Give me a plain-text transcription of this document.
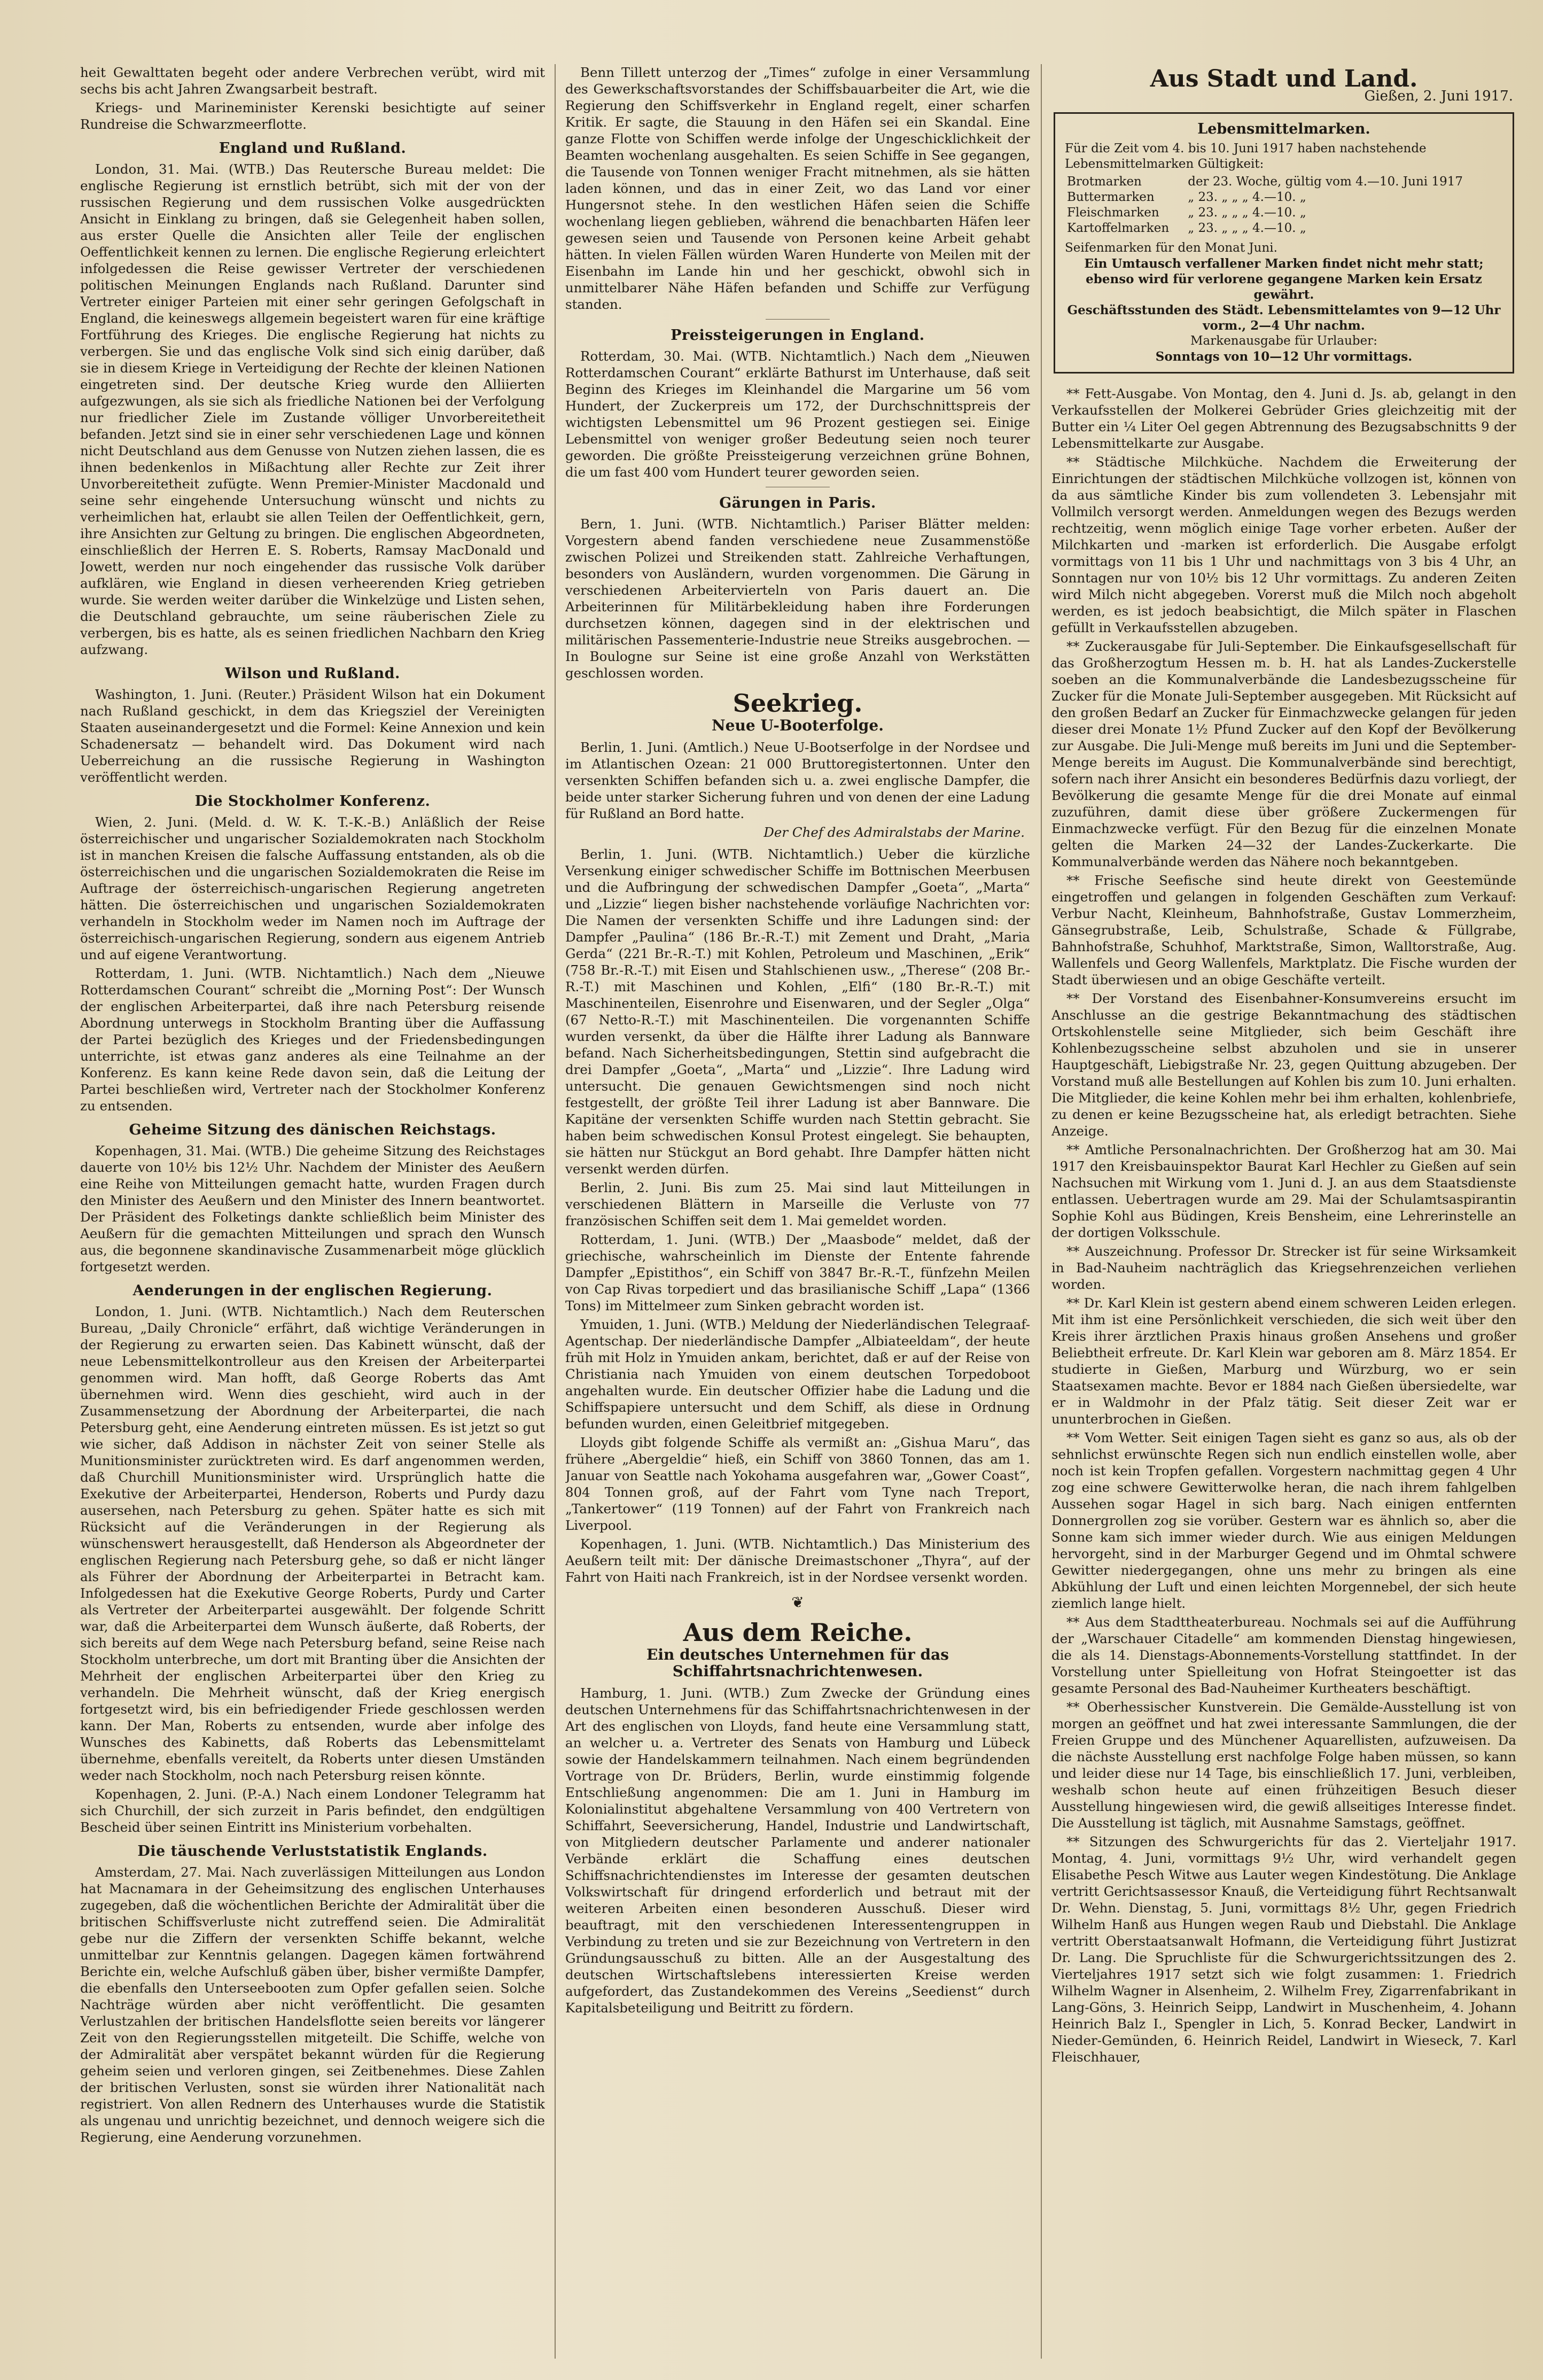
heit Gewalttaten begeht oder andere Verbrechen verübt, wird mit sechs bis acht Jahren Zwangsarbeit bestraft.

Kriegs- und Marineminister Kerenski besichtigte auf seiner Rundreise die Schwarzmeerflotte.

England und Rußland.

London, 31. Mai. (WTB.) Das Reutersche Bureau meldet: Die englische Regierung ist ernstlich betrübt, sich mit der von der russischen Regierung und dem russischen Volke ausgedrückten Ansicht in Einklang zu bringen, daß sie Gelegenheit haben sollen, aus erster Quelle die Ansichten aller Teile der englischen Oeffentlichkeit kennen zu lernen. Die englische Regierung erleichtert infolgedessen die Reise gewisser Vertreter der verschiedenen politischen Meinungen Englands nach Rußland. Darunter sind Vertreter einiger Parteien mit einer sehr geringen Gefolgschaft in England, die keineswegs allgemein begeistert waren für eine kräftige Fortführung des Krieges. Die englische Regierung hat nichts zu verbergen. Sie und das englische Volk sind sich einig darüber, daß sie in diesem Kriege in Verteidigung der Rechte der kleinen Nationen eingetreten sind. Der deutsche Krieg wurde den Alliierten aufgezwungen, als sie sich als friedliche Nationen bei der Verfolgung nur friedlicher Ziele im Zustande völliger Unvorbereitetheit befanden. Jetzt sind sie in einer sehr verschiedenen Lage und können nicht Deutschland aus dem Genusse von Nutzen ziehen lassen, die es ihnen bedenkenlos in Mißachtung aller Rechte zur Zeit ihrer Unvorbereitetheit zufügte. Wenn Premier-Minister Macdonald und seine sehr eingehende Untersuchung wünscht und nichts zu verheimlichen hat, erlaubt sie allen Teilen der Oeffentlichkeit, gern, ihre Ansichten zur Geltung zu bringen. Die englischen Abgeordneten, einschließlich der Herren E. S. Roberts, Ramsay MacDonald und Jowett, werden nur noch eingehender das russische Volk darüber aufklären, wie England in diesen verheerenden Krieg getrieben wurde. Sie werden weiter darüber die Winkelzüge und Listen sehen, die Deutschland gebrauchte, um seine räuberischen Ziele zu verbergen, bis es hatte, als es seinen friedlichen Nachbarn den Krieg aufzwang.

Wilson und Rußland.

Washington, 1. Juni. (Reuter.) Präsident Wilson hat ein Dokument nach Rußland geschickt, in dem das Kriegsziel der Vereinigten Staaten auseinandergesetzt und die Formel: Keine Annexion und kein Schadenersatz — behandelt wird. Das Dokument wird nach Ueberreichung an die russische Regierung in Washington veröffentlicht werden.

Die Stockholmer Konferenz.

Wien, 2. Juni. (Meld. d. W. K. T.-K.-B.) Anläßlich der Reise österreichischer und ungarischer Sozialdemokraten nach Stockholm ist in manchen Kreisen die falsche Auffassung entstanden, als ob die österreichischen und die ungarischen Sozialdemokraten die Reise im Auftrage der österreichisch-ungarischen Regierung angetreten hätten. Die österreichischen und ungarischen Sozialdemokraten verhandeln in Stockholm weder im Namen noch im Auftrage der österreichisch-ungarischen Regierung, sondern aus eigenem Antrieb und auf eigene Verantwortung.

Rotterdam, 1. Juni. (WTB. Nichtamtlich.) Nach dem „Nieuwe Rotterdamschen Courant“ schreibt die „Morning Post“: Der Wunsch der englischen Arbeiterpartei, daß ihre nach Petersburg reisende Abordnung unterwegs in Stockholm Branting über die Auffassung der Partei bezüglich des Krieges und der Friedensbedingungen unterrichte, ist etwas ganz anderes als eine Teilnahme an der Konferenz. Es kann keine Rede davon sein, daß die Leitung der Partei beschließen wird, Vertreter nach der Stockholmer Konferenz zu entsenden.

Geheime Sitzung des dänischen Reichstags.

Kopenhagen, 31. Mai. (WTB.) Die geheime Sitzung des Reichstages dauerte von 10½ bis 12½ Uhr. Nachdem der Minister des Aeußern eine Reihe von Mitteilungen gemacht hatte, wurden Fragen durch den Minister des Aeußern und den Minister des Innern beantwortet. Der Präsident des Folketings dankte schließlich beim Minister des Aeußern für die gemachten Mitteilungen und sprach den Wunsch aus, die begonnene skandinavische Zusammenarbeit möge glücklich fortgesetzt werden.

Aenderungen in der englischen Regierung.

London, 1. Juni. (WTB. Nichtamtlich.) Nach dem Reuterschen Bureau, „Daily Chronicle“ erfährt, daß wichtige Veränderungen in der Regierung zu erwarten seien. Das Kabinett wünscht, daß der neue Lebensmittelkontrolleur aus den Kreisen der Arbeiterpartei genommen wird. Man hofft, daß George Roberts das Amt übernehmen wird. Wenn dies geschieht, wird auch in der Zusammensetzung der Abordnung der Arbeiterpartei, die nach Petersburg geht, eine Aenderung eintreten müssen. Es ist jetzt so gut wie sicher, daß Addison in nächster Zeit von seiner Stelle als Munitionsminister zurücktreten wird. Es darf angenommen werden, daß Churchill Munitionsminister wird. Ursprünglich hatte die Exekutive der Arbeiterpartei, Henderson, Roberts und Purdy dazu ausersehen, nach Petersburg zu gehen. Später hatte es sich mit Rücksicht auf die Veränderungen in der Regierung als wünschenswert herausgestellt, daß Henderson als Abgeordneter der englischen Regierung nach Petersburg gehe, so daß er nicht länger als Führer der Abordnung der Arbeiterpartei in Betracht kam. Infolgedessen hat die Exekutive George Roberts, Purdy und Carter als Vertreter der Arbeiterpartei ausgewählt. Der folgende Schritt war, daß die Arbeiterpartei dem Wunsch äußerte, daß Roberts, der sich bereits auf dem Wege nach Petersburg befand, seine Reise nach Stockholm unterbreche, um dort mit Branting über die Ansichten der Mehrheit der englischen Arbeiterpartei über den Krieg zu verhandeln. Die Mehrheit wünscht, daß der Krieg energisch fortgesetzt wird, bis ein befriedigender Friede geschlossen werden kann. Der Man, Roberts zu entsenden, wurde aber infolge des Wunsches des Kabinetts, daß Roberts das Lebensmittelamt übernehme, ebenfalls vereitelt, da Roberts unter diesen Umständen weder nach Stockholm, noch nach Petersburg reisen könnte.

Kopenhagen, 2. Juni. (P.-A.) Nach einem Londoner Telegramm hat sich Churchill, der sich zurzeit in Paris befindet, den endgültigen Bescheid über seinen Eintritt ins Ministerium vorbehalten.

Die täuschende Verluststatistik Englands.

Amsterdam, 27. Mai. Nach zuverlässigen Mitteilungen aus London hat Macnamara in der Geheimsitzung des englischen Unterhauses zugegeben, daß die wöchentlichen Berichte der Admiralität über die britischen Schiffsverluste nicht zutreffend seien. Die Admiralität gebe nur die Ziffern der versenkten Schiffe bekannt, welche unmittelbar zur Kenntnis gelangen. Dagegen kämen fortwährend Berichte ein, welche Aufschluß gäben über, bisher vermißte Dampfer, die ebenfalls den Unterseebooten zum Opfer gefallen seien. Solche Nachträge würden aber nicht veröffentlicht. Die gesamten Verlustzahlen der britischen Handelsflotte seien bereits vor längerer Zeit von den Regierungsstellen mitgeteilt. Die Schiffe, welche von der Admiralität aber verspätet bekannt würden für die Regierung geheim seien und verloren gingen, sei Zeitbenehmes. Diese Zahlen der britischen Verlusten, sonst sie würden ihrer Nationalität nach registriert. Von allen Rednern des Unterhauses wurde die Statistik als ungenau und unrichtig bezeichnet, und dennoch weigere sich die Regierung, eine Aenderung vorzunehmen.

Benn Tillett unterzog der „Times“ zufolge in einer Versammlung des Gewerkschaftsvorstandes der Schiffsbauarbeiter die Art, wie die Regierung den Schiffsverkehr in England regelt, einer scharfen Kritik. Er sagte, die Stauung in den Häfen sei ein Skandal. Eine ganze Flotte von Schiffen werde infolge der Ungeschicklichkeit der Beamten wochenlang ausgehalten. Es seien Schiffe in See gegangen, die Tausende von Tonnen weniger Fracht mitnehmen, als sie hätten laden können, und das in einer Zeit, wo das Land vor einer Hungersnot stehe. In den westlichen Häfen seien die Schiffe wochenlang liegen geblieben, während die benachbarten Häfen leer gewesen seien und Tausende von Personen keine Arbeit gehabt hätten. In vielen Fällen würden Waren Hunderte von Meilen mit der Eisenbahn im Lande hin und her geschickt, obwohl sich in unmittelbarer Nähe Häfen befanden und Schiffe zur Verfügung standen.

Preissteigerungen in England.

Rotterdam, 30. Mai. (WTB. Nichtamtlich.) Nach dem „Nieuwen Rotterdamschen Courant“ erklärte Bathurst im Unterhause, daß seit Beginn des Krieges im Kleinhandel die Margarine um 56 vom Hundert, der Zuckerpreis um 172, der Durchschnittspreis der wichtigsten Lebensmittel um 96 Prozent gestiegen sei. Einige Lebensmittel von weniger großer Bedeutung seien noch teurer geworden. Die größte Preissteigerung verzeichnen grüne Bohnen, die um fast 400 vom Hundert teurer geworden seien.

Gärungen in Paris.

Bern, 1. Juni. (WTB. Nichtamtlich.) Pariser Blätter melden: Vorgestern abend fanden verschiedene neue Zusammenstöße zwischen Polizei und Streikenden statt. Zahlreiche Verhaftungen, besonders von Ausländern, wurden vorgenommen. Die Gärung in verschiedenen Arbeitervierteln von Paris dauert an. Die Arbeiterinnen für Militärbekleidung haben ihre Forderungen durchsetzen können, dagegen sind in der elektrischen und militärischen Passementerie-Industrie neue Streiks ausgebrochen. — In Boulogne sur Seine ist eine große Anzahl von Werkstätten geschlossen worden.

Seekrieg.
Neue U-Booterfolge.

Berlin, 1. Juni. (Amtlich.) Neue U-Bootserfolge in der Nordsee und im Atlantischen Ozean: 21 000 Bruttoregistertonnen. Unter den versenkten Schiffen befanden sich u. a. zwei englische Dampfer, die beide unter starker Sicherung fuhren und von denen der eine Ladung für Rußland an Bord hatte.

Der Chef des Admiralstabs der Marine.

Berlin, 1. Juni. (WTB. Nichtamtlich.) Ueber die kürzliche Versenkung einiger schwedischer Schiffe im Bottnischen Meerbusen und die Aufbringung der schwedischen Dampfer „Goeta“, „Marta“ und „Lizzie“ liegen bisher nachstehende vorläufige Nachrichten vor: Die Namen der versenkten Schiffe und ihre Ladungen sind: der Dampfer „Paulina“ (186 Br.-R.-T.) mit Zement und Draht, „Maria Gerda“ (221 Br.-R.-T.) mit Kohlen, Petroleum und Maschinen, „Erik“ (758 Br.-R.-T.) mit Eisen und Stahlschienen usw., „Therese“ (208 Br.-R.-T.) mit Maschinen und Kohlen, „Elfi“ (180 Br.-R.-T.) mit Maschinenteilen, Eisenrohre und Eisenwaren, und der Segler „Olga“ (67 Netto-R.-T.) mit Maschinenteilen. Die vorgenannten Schiffe wurden versenkt, da über die Hälfte ihrer Ladung als Bannware befand. Nach Sicherheitsbedingungen, Stettin sind aufgebracht die drei Dampfer „Goeta“, „Marta“ und „Lizzie“. Ihre Ladung wird untersucht. Die genauen Gewichtsmengen sind noch nicht festgestellt, der größte Teil ihrer Ladung ist aber Bannware. Die Kapitäne der versenkten Schiffe wurden nach Stettin gebracht. Sie haben beim schwedischen Konsul Protest eingelegt. Sie behaupten, sie hätten nur Stückgut an Bord gehabt. Ihre Dampfer hätten nicht versenkt werden dürfen.

Berlin, 2. Juni. Bis zum 25. Mai sind laut Mitteilungen in verschiedenen Blättern in Marseille die Verluste von 77 französischen Schiffen seit dem 1. Mai gemeldet worden.

Rotterdam, 1. Juni. (WTB.) Der „Maasbode“ meldet, daß der griechische, wahrscheinlich im Dienste der Entente fahrende Dampfer „Epistithos“, ein Schiff von 3847 Br.-R.-T., fünfzehn Meilen von Cap Rivas torpediert und das brasilianische Schiff „Lapa“ (1366 Tons) im Mittelmeer zum Sinken gebracht worden ist.

Ymuiden, 1. Juni. (WTB.) Meldung der Niederländischen Telegraaf-Agentschap. Der niederländische Dampfer „Albiateeldam“, der heute früh mit Holz in Ymuiden ankam, berichtet, daß er auf der Reise von Christiania nach Ymuiden von einem deutschen Torpedoboot angehalten wurde. Ein deutscher Offizier habe die Ladung und die Schiffspapiere untersucht und dem Schiff, als diese in Ordnung befunden wurden, einen Geleitbrief mitgegeben.

Lloyds gibt folgende Schiffe als vermißt an: „Gishua Maru“, das frühere „Abergeldie“ hieß, ein Schiff von 3860 Tonnen, das am 1. Januar von Seattle nach Yokohama ausgefahren war, „Gower Coast“, 804 Tonnen groß, auf der Fahrt vom Tyne nach Treport, „Tankertower“ (119 Tonnen) auf der Fahrt von Frankreich nach Liverpool.

Kopenhagen, 1. Juni. (WTB. Nichtamtlich.) Das Ministerium des Aeußern teilt mit: Der dänische Dreimastschoner „Thyra“, auf der Fahrt von Haiti nach Frankreich, ist in der Nordsee versenkt worden.

❦
Aus dem Reiche.
Ein deutsches Unternehmen für das Schiffahrtsnachrichtenwesen.

Hamburg, 1. Juni. (WTB.) Zum Zwecke der Gründung eines deutschen Unternehmens für das Schiffahrtsnachrichtenwesen in der Art des englischen von Lloyds, fand heute eine Versammlung statt, an welcher u. a. Vertreter des Senats von Hamburg und Lübeck sowie der Handelskammern teilnahmen. Nach einem begründenden Vortrage von Dr. Brüders, Berlin, wurde einstimmig folgende Entschließung angenommen: Die am 1. Juni in Hamburg im Kolonialinstitut abgehaltene Versammlung von 400 Vertretern von Schiffahrt, Seeversicherung, Handel, Industrie und Landwirtschaft, von Mitgliedern deutscher Parlamente und anderer nationaler Verbände erklärt die Schaffung eines deutschen Schiffsnachrichtendienstes im Interesse der gesamten deutschen Volkswirtschaft für dringend erforderlich und betraut mit der weiteren Arbeiten einen besonderen Ausschuß. Dieser wird beauftragt, mit den verschiedenen Interessentengruppen in Verbindung zu treten und sie zur Bezeichnung von Vertretern in den Gründungsausschuß zu bitten. Alle an der Ausgestaltung des deutschen Wirtschaftslebens interessierten Kreise werden aufgefordert, das Zustandekommen des Vereins „Seedienst“ durch Kapitalsbeteiligung und Beitritt zu fördern.

Aus Stadt und Land.
Gießen, 2. Juni 1917.
Lebensmittelmarken.
Für die Zeit vom 4. bis 10. Juni 1917 haben nachstehende Lebensmittelmarken Gültigkeit:
Brotmarken	der 23. Woche, gültig vom 4.—10. Juni 1917
Buttermarken	„ 23. „ „ „ 4.—10. „
Fleischmarken	„ 23. „ „ „ 4.—10. „
Kartoffelmarken	„ 23. „ „ „ 4.—10. „
Seifenmarken für den Monat Juni.
Ein Umtausch verfallener Marken findet nicht mehr statt; ebenso wird für verlorene gegangene Marken kein Ersatz gewährt.
Geschäftsstunden des Städt. Lebensmittelamtes von 9—12 Uhr vorm., 2—4 Uhr nachm.
Markenausgabe für Urlauber:
Sonntags von 10—12 Uhr vormittags.

** Fett-Ausgabe. Von Montag, den 4. Juni d. Js. ab, gelangt in den Verkaufsstellen der Molkerei Gebrüder Gries gleichzeitig mit der Butter ein ¼ Liter Oel gegen Abtrennung des Bezugsabschnitts 9 der Lebensmittelkarte zur Ausgabe.

** Städtische Milchküche. Nachdem die Erweiterung der Einrichtungen der städtischen Milchküche vollzogen ist, können von da aus sämtliche Kinder bis zum vollendeten 3. Lebensjahr mit Vollmilch versorgt werden. Anmeldungen wegen des Bezugs werden rechtzeitig, wenn möglich einige Tage vorher erbeten. Außer der Milchkarten und -marken ist erforderlich. Die Ausgabe erfolgt vormittags von 11 bis 1 Uhr und nachmittags von 3 bis 4 Uhr, an Sonntagen nur von 10½ bis 12 Uhr vormittags. Zu anderen Zeiten wird Milch nicht abgegeben. Vorerst muß die Milch noch abgeholt werden, es ist jedoch beabsichtigt, die Milch später in Flaschen gefüllt in Verkaufsstellen abzugeben.

** Zuckerausgabe für Juli-September. Die Einkaufsgesellschaft für das Großherzogtum Hessen m. b. H. hat als Landes-Zuckerstelle soeben an die Kommunalverbände die Landesbezugsscheine für Zucker für die Monate Juli-September ausgegeben. Mit Rücksicht auf den großen Bedarf an Zucker für Einmachzwecke gelangen für jeden dieser drei Monate 1½ Pfund Zucker auf den Kopf der Bevölkerung zur Ausgabe. Die Juli-Menge muß bereits im Juni und die September-Menge bereits im August. Die Kommunalverbände sind berechtigt, sofern nach ihrer Ansicht ein besonderes Bedürfnis dazu vorliegt, der Bevölkerung die gesamte Menge für die drei Monate auf einmal zuzuführen, damit diese über größere Zuckermengen für Einmachzwecke verfügt. Für den Bezug für die einzelnen Monate gelten die Marken 24—32 der Landes-Zuckerkarte. Die Kommunalverbände werden das Nähere noch bekanntgeben.

** Frische Seefische sind heute direkt von Geestemünde eingetroffen und gelangen in folgenden Geschäften zum Verkauf: Verbur Nacht, Kleinheum, Bahnhofstraße, Gustav Lommerzheim, Gänsegrubstraße, Leib, Schulstraße, Schade & Füllgrabe, Bahnhofstraße, Schuhhof, Marktstraße, Simon, Walltorstraße, Aug. Wallenfels und Georg Wallenfels, Marktplatz. Die Fische wurden der Stadt überwiesen und an obige Geschäfte verteilt.

** Der Vorstand des Eisenbahner-Konsumvereins ersucht im Anschlusse an die gestrige Bekanntmachung des städtischen Ortskohlenstelle seine Mitglieder, sich beim Geschäft ihre Kohlenbezugsscheine selbst abzuholen und sie in unserer Hauptgeschäft, Liebigstraße Nr. 23, gegen Quittung abzugeben. Der Vorstand muß alle Bestellungen auf Kohlen bis zum 10. Juni erhalten. Die Mitglieder, die keine Kohlen mehr bei ihm erhalten, kohlenbriefe, zu denen er keine Bezugsscheine hat, als erledigt betrachten. Siehe Anzeige.

** Amtliche Personalnachrichten. Der Großherzog hat am 30. Mai 1917 den Kreisbauinspektor Baurat Karl Hechler zu Gießen auf sein Nachsuchen mit Wirkung vom 1. Juni d. J. an aus dem Staatsdienste entlassen. Uebertragen wurde am 29. Mai der Schulamtsaspirantin Sophie Kohl aus Büdingen, Kreis Bensheim, eine Lehrerinstelle an der dortigen Volksschule.

** Auszeichnung. Professor Dr. Strecker ist für seine Wirksamkeit in Bad-Nauheim nachträglich das Kriegsehrenzeichen verliehen worden.

** Dr. Karl Klein ist gestern abend einem schweren Leiden erlegen. Mit ihm ist eine Persönlichkeit verschieden, die sich weit über den Kreis ihrer ärztlichen Praxis hinaus großen Ansehens und großer Beliebtheit erfreute. Dr. Karl Klein war geboren am 8. März 1854. Er studierte in Gießen, Marburg und Würzburg, wo er sein Staatsexamen machte. Bevor er 1884 nach Gießen übersiedelte, war er in Waldmohr in der Pfalz tätig. Seit dieser Zeit war er ununterbrochen in Gießen.

** Vom Wetter. Seit einigen Tagen sieht es ganz so aus, als ob der sehnlichst erwünschte Regen sich nun endlich einstellen wolle, aber noch ist kein Tropfen gefallen. Vorgestern nachmittag gegen 4 Uhr zog eine schwere Gewitterwolke heran, die nach ihrem fahlgelben Aussehen sogar Hagel in sich barg. Nach einigen entfernten Donnergrollen zog sie vorüber. Gestern war es ähnlich so, aber die Sonne kam sich immer wieder durch. Wie aus einigen Meldungen hervorgeht, sind in der Marburger Gegend und im Ohmtal schwere Gewitter niedergegangen, ohne uns mehr zu bringen als eine Abkühlung der Luft und einen leichten Morgennebel, der sich heute ziemlich lange hielt.

** Aus dem Stadttheaterbureau. Nochmals sei auf die Aufführung der „Warschauer Citadelle“ am kommenden Dienstag hingewiesen, die als 14. Dienstags-Abonnements-Vorstellung stattfindet. In der Vorstellung unter Spielleitung von Hofrat Steingoetter ist das gesamte Personal des Bad-Nauheimer Kurtheaters beschäftigt.

** Oberhessischer Kunstverein. Die Gemälde-Ausstellung ist von morgen an geöffnet und hat zwei interessante Sammlungen, die der Freien Gruppe und des Münchener Aquarellisten, aufzuweisen. Da die nächste Ausstellung erst nachfolge Folge haben müssen, so kann und leider diese nur 14 Tage, bis einschließlich 17. Juni, verbleiben, weshalb schon heute auf einen frühzeitigen Besuch dieser Ausstellung hingewiesen wird, die gewiß allseitiges Interesse findet. Die Ausstellung ist täglich, mit Ausnahme Samstags, geöffnet.

** Sitzungen des Schwurgerichts für das 2. Vierteljahr 1917. Montag, 4. Juni, vormittags 9½ Uhr, wird verhandelt gegen Elisabethe Pesch Witwe aus Lauter wegen Kindestötung. Die Anklage vertritt Gerichtsassessor Knauß, die Verteidigung führt Rechtsanwalt Dr. Wehn. Dienstag, 5. Juni, vormittags 8½ Uhr, gegen Friedrich Wilhelm Hanß aus Hungen wegen Raub und Diebstahl. Die Anklage vertritt Oberstaatsanwalt Hofmann, die Verteidigung führt Justizrat Dr. Lang. Die Spruchliste für die Schwurgerichtssitzungen des 2. Vierteljahres 1917 setzt sich wie folgt zusammen: 1. Friedrich Wilhelm Wagner in Alsenheim, 2. Wilhelm Frey, Zigarrenfabrikant in Lang-Göns, 3. Heinrich Seipp, Landwirt in Muschenheim, 4. Johann Heinrich Balz I., Spengler in Lich, 5. Konrad Becker, Landwirt in Nieder-Gemünden, 6. Heinrich Reidel, Landwirt in Wieseck, 7. Karl Fleischhauer,
